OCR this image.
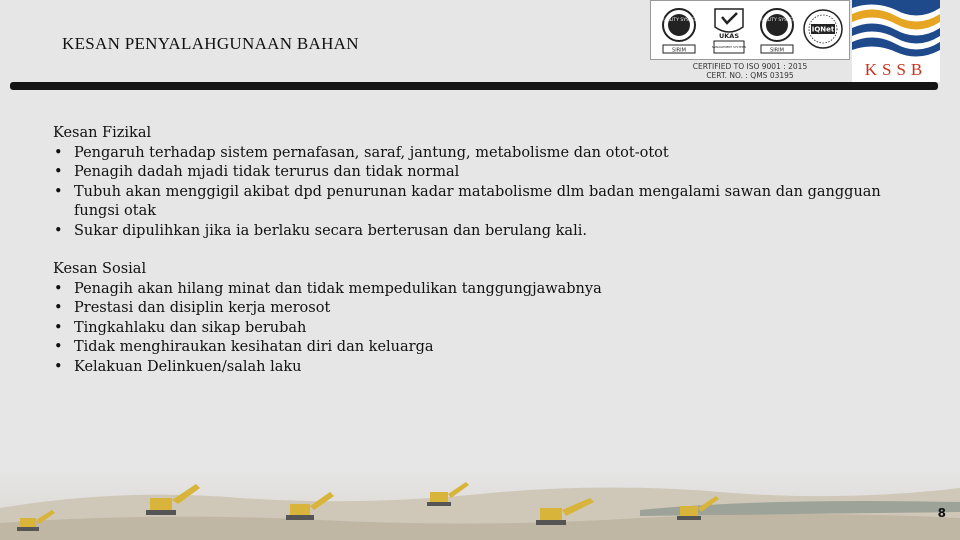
KESAN PENYALAHGUNAAN BAHAN
QUALITY SYSTEM
SIRIM
UKAS
MANAGEMENT SYSTEMS
QUALITY SYSTEM
SIRIM
IQNet
CERTIFIED TO ISO 9001 : 2015
CERT. NO. : QMS 03195	KSSB

Kesan Fizikal

• Pengaruh terhadap sistem pernafasan, saraf, jantung, metabolisme dan otot-otot
• Penagih dadah mjadi tidak terurus dan tidak normal
• Tubuh akan menggigil akibat dpd penurunan kadar matabolisme dlm badan mengalami sawan dan gangguan fungsi otak
• Sukar dipulihkan jika ia berlaku secara berterusan dan berulang kali.

Kesan Sosial

• Penagih akan hilang minat dan tidak mempedulikan tanggungjawabnya
• Prestasi dan disiplin kerja merosot
• Tingkahlaku dan sikap berubah
• Tidak menghiraukan kesihatan diri dan keluarga
• Kelakuan Delinkuen/salah laku
8
